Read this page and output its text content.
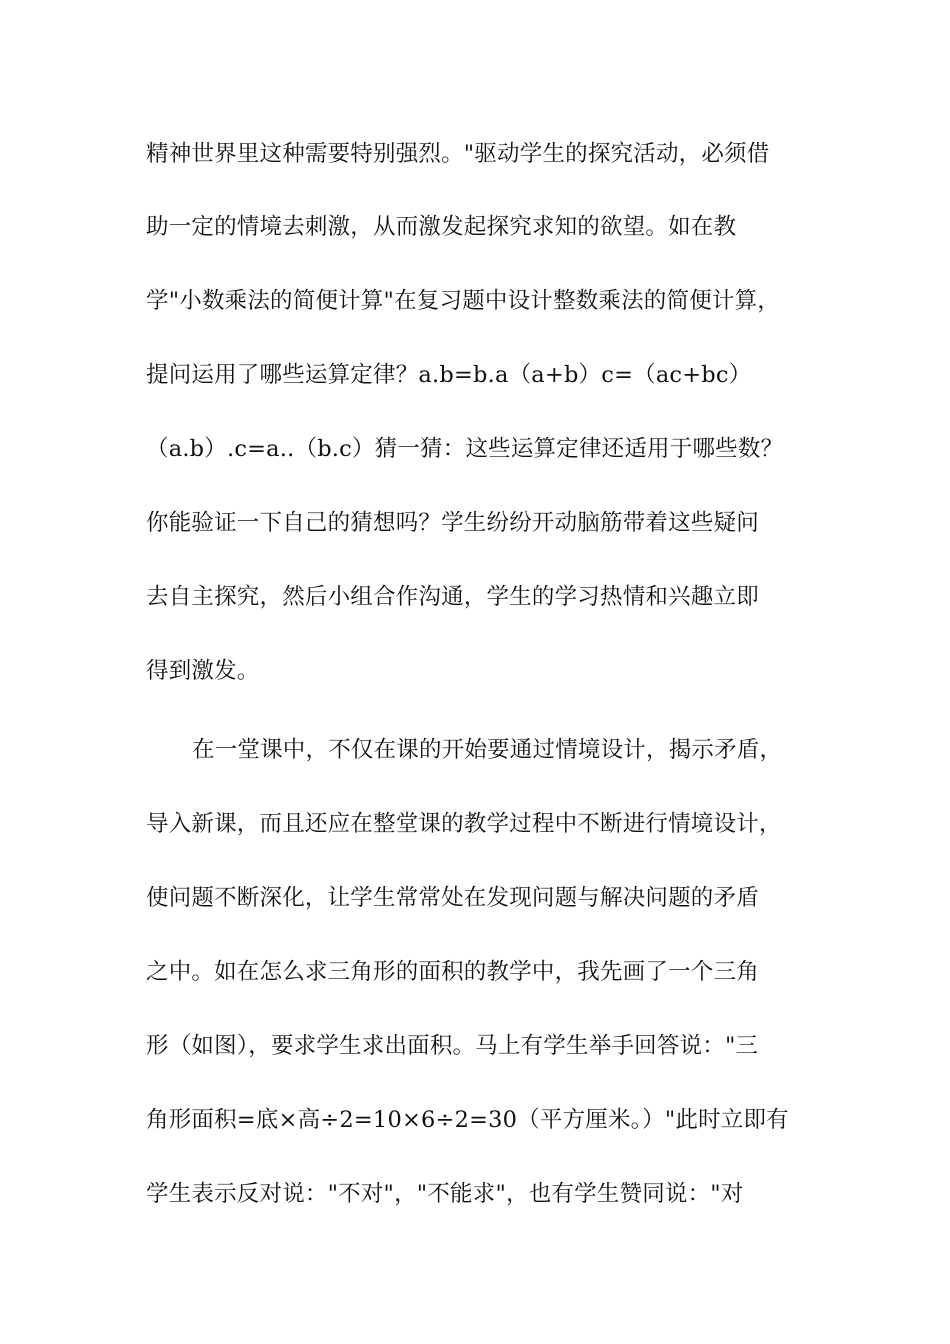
精神世界里这种需要特别强烈。"驱动学生的探究活动，必须借
助一定的情境去刺激，从而激发起探究求知的欲望。如在教
学"小数乘法的简便计算"在复习题中设计整数乘法的简便计算，
提问运用了哪些运算定律？a.b=b.a（a+b）c=（ac+bc）
（a.b）.c=a..（b.c）猜一猜：这些运算定律还适用于哪些数？
你能验证一下自己的猜想吗？学生纷纷开动脑筋带着这些疑问
去自主探究，然后小组合作沟通，学生的学习热情和兴趣立即
得到激发。
在一堂课中，不仅在课的开始要通过情境设计，揭示矛盾，
导入新课，而且还应在整堂课的教学过程中不断进行情境设计，
使问题不断深化，让学生常常处在发现问题与解决问题的矛盾
之中。如在怎么求三角形的面积的教学中，我先画了一个三角
形（如图），要求学生求出面积。马上有学生举手回答说："三
角形面积=底×高÷2=10×6÷2=30（平方厘米。）"此时立即有
学生表示反对说："不对"，"不能求"，也有学生赞同说："对
